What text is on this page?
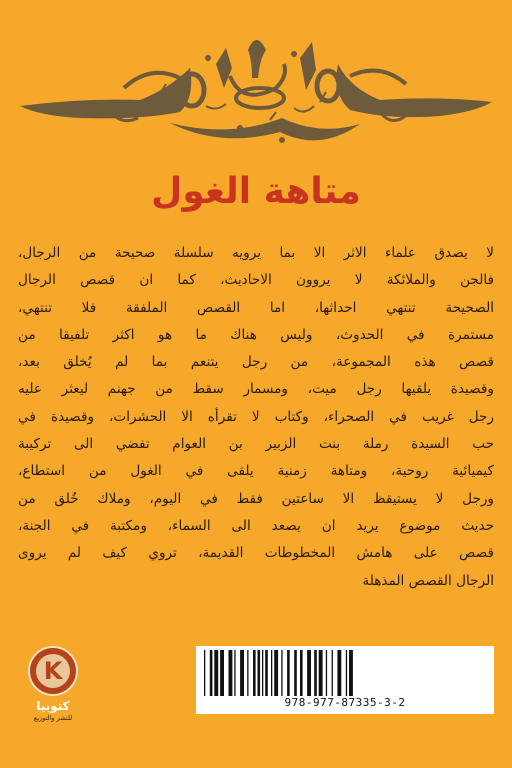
متاهة الغول
لا يصدق علماء الاثر الا بما يرويه سلسلة صحيحة من الرجال،
فالجن والملائكة لا يروون الاحاديث، كما ان قصص الرجال
الصحيحة تنتهي احداثها، اما القصص الملفقة فلا تنتهي،
مستمرة في الحدوث، وليس هناك ما هو اكثر تلفيقا من
قصص هذه المجموعة، من رجل يتنعم بما لم يُخلق بعد،
وقصيدة يلقيها رجل ميت، ومسمار سقط من جهنم ليعثر عليه
رجل غريب في الصحراء، وكتاب لا تقرأه الا الحشرات، وقصيدة في
حب السيدة رملة بنت الزبير بن العوام تفضي الى تركيبة
كيميائية روحية، ومتاهة زمنية يلقى في الغول من استطاع،
ورجل لا يستيقظ الا ساعتين فقط في اليوم، وملاك خُلق من
حديث موضوع يريد ان يصعد الى السماء، ومكتبة في الجنة،
قصص على هامش المخطوطات القديمة، تروي كيف لم يروى
الرجال القصص المذهلة
K
كتوبيا
للنشر والتوزيع
978-977-87335-3-2
